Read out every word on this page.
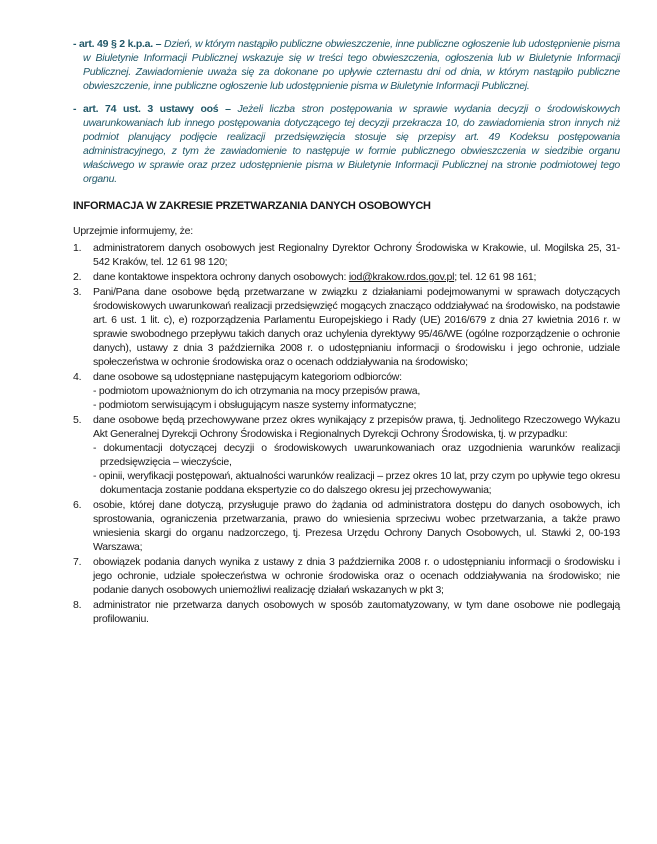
- art. 49 § 2 k.p.a. – Dzień, w którym nastąpiło publiczne obwieszczenie, inne publiczne ogłoszenie lub udostępnienie pisma w Biuletynie Informacji Publicznej wskazuje się w treści tego obwieszczenia, ogłoszenia lub w Biuletynie Informacji Publicznej. Zawiadomienie uważa się za dokonane po upływie czternastu dni od dnia, w którym nastąpiło publiczne obwieszczenie, inne publiczne ogłoszenie lub udostępnienie pisma w Biuletynie Informacji Publicznej.
- art. 74 ust. 3 ustawy ooś – Jeżeli liczba stron postępowania w sprawie wydania decyzji o środowiskowych uwarunkowaniach lub innego postępowania dotyczącego tej decyzji przekracza 10, do zawiadomienia stron innych niż podmiot planujący podjęcie realizacji przedsięwzięcia stosuje się przepisy art. 49 Kodeksu postępowania administracyjnego, z tym że zawiadomienie to następuje w formie publicznego obwieszczenia w siedzibie organu właściwego w sprawie oraz przez udostępnienie pisma w Biuletynie Informacji Publicznej na stronie podmiotowej tego organu.
INFORMACJA W ZAKRESIE PRZETWARZANIA DANYCH OSOBOWYCH
Uprzejmie informujemy, że:
1. administratorem danych osobowych jest Regionalny Dyrektor Ochrony Środowiska w Krakowie, ul. Mogilska 25, 31-542 Kraków, tel. 12 61 98 120;
2. dane kontaktowe inspektora ochrony danych osobowych: iod@krakow.rdos.gov.pl; tel. 12 61 98 161;
3. Pani/Pana dane osobowe będą przetwarzane w związku z działaniami podejmowanymi w sprawach dotyczących środowiskowych uwarunkowań realizacji przedsięwzięć mogących znacząco oddziaływać na środowisko, na podstawie art. 6 ust. 1 lit. c), e) rozporządzenia Parlamentu Europejskiego i Rady (UE) 2016/679 z dnia 27 kwietnia 2016 r. w sprawie swobodnego przepływu takich danych oraz uchylenia dyrektywy 95/46/WE (ogólne rozporządzenie o ochronie danych), ustawy z dnia 3 października 2008 r. o udostępnianiu informacji o środowisku i jego ochronie, udziale społeczeństwa w ochronie środowiska oraz o ocenach oddziaływania na środowisko;
4. dane osobowe są udostępniane następującym kategoriom odbiorców:
- podmiotom upoważnionym do ich otrzymania na mocy przepisów prawa,
- podmiotom serwisującym i obsługującym nasze systemy informatyczne;
5. dane osobowe będą przechowywane przez okres wynikający z przepisów prawa, tj. Jednolitego Rzeczowego Wykazu Akt Generalnej Dyrekcji Ochrony Środowiska i Regionalnych Dyrekcji Ochrony Środowiska, tj. w przypadku:
- dokumentacji dotyczącej decyzji o środowiskowych uwarunkowaniach oraz uzgodnienia warunków realizacji przedsięwzięcia – wieczyście,
- opinii, weryfikacji postępowań, aktualności warunków realizacji – przez okres 10 lat, przy czym po upływie tego okresu dokumentacja zostanie poddana ekspertyzie co do dalszego okresu jej przechowywania;
6. osobie, której dane dotyczą, przysługuje prawo do żądania od administratora dostępu do danych osobowych, ich sprostowania, ograniczenia przetwarzania, prawo do wniesienia sprzeciwu wobec przetwarzania, a także prawo wniesienia skargi do organu nadzorczego, tj. Prezesa Urzędu Ochrony Danych Osobowych, ul. Stawki 2, 00-193 Warszawa;
7. obowiązek podania danych wynika z ustawy z dnia 3 października 2008 r. o udostępnianiu informacji o środowisku i jego ochronie, udziale społeczeństwa w ochronie środowiska oraz o ocenach oddziaływania na środowisko; nie podanie danych osobowych uniemożliwi realizację działań wskazanych w pkt 3;
8. administrator nie przetwarza danych osobowych w sposób zautomatyzowany, w tym dane osobowe nie podlegają profilowaniu.
